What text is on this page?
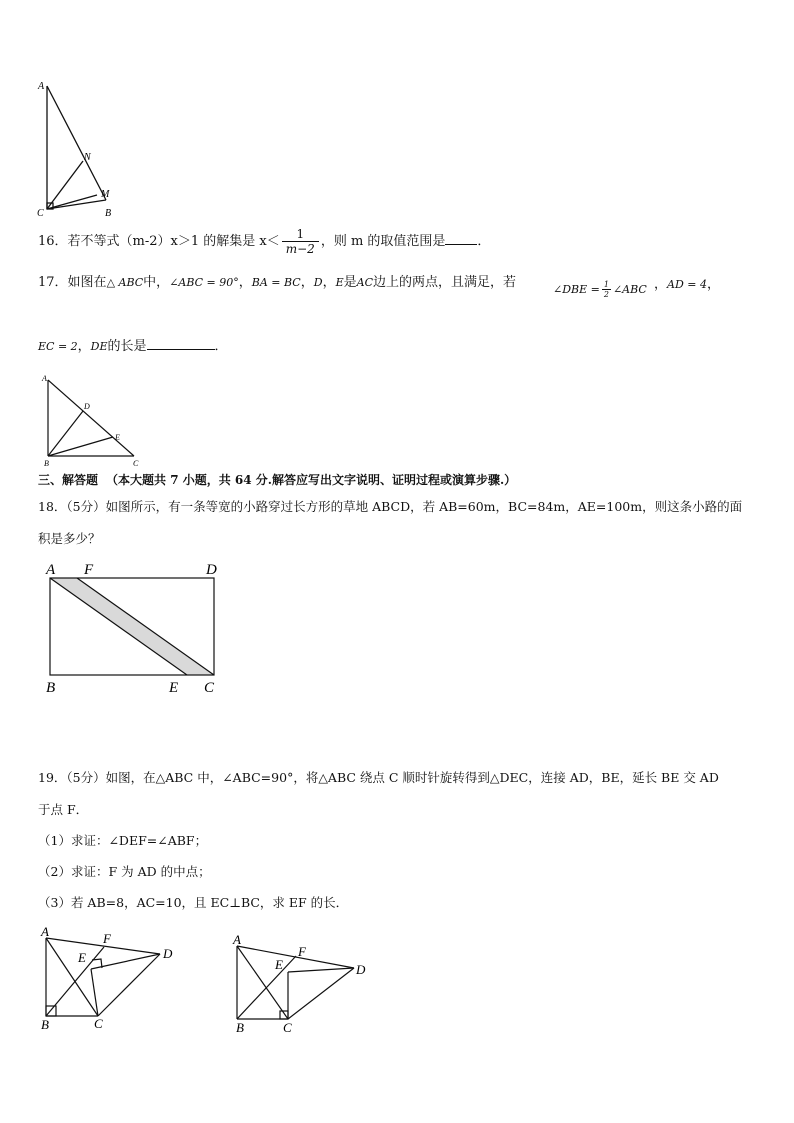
A
N
M
C	B
16．若不等式（m-2）x＞1 的解集是 $x< \frac{1}{m-2}$ ，则 m 的取值范围是 ．
17．如图在△ ABC中，∠ABC = 90°，BA = BC，D，E是AC边上的两点，且满足，若	∠DBE = $\frac{1}{2}$ ∠ABC ，AD = 4，
EC = 2，DE的长是	．
A
D
E
B	C
三、解答题 （本大题共 7 小题，共 64 分.解答应写出文字说明、证明过程或演算步骤.）
18．（5分）如图所示，有一条等宽的小路穿过长方形的草地 ABCD，若 AB=60m，BC=84m，AE=100m，则这条小路的面
积是多少？
A F	D
B	E C
19．（5分）如图，在△ABC 中，∠ABC=90°，将△ABC 绕点 C 顺时针旋转得到△DEC，连接 AD，BE，延长 BE 交 AD
于点 F．
（1）求证：∠DEF=∠ABF；
（2）求证：F 为 AD 的中点；
（3）若 AB=8，AC=10，且 EC⊥BC，求 EF 的长．
A	F
E	D
B	C
A
F
E	D
B	C
